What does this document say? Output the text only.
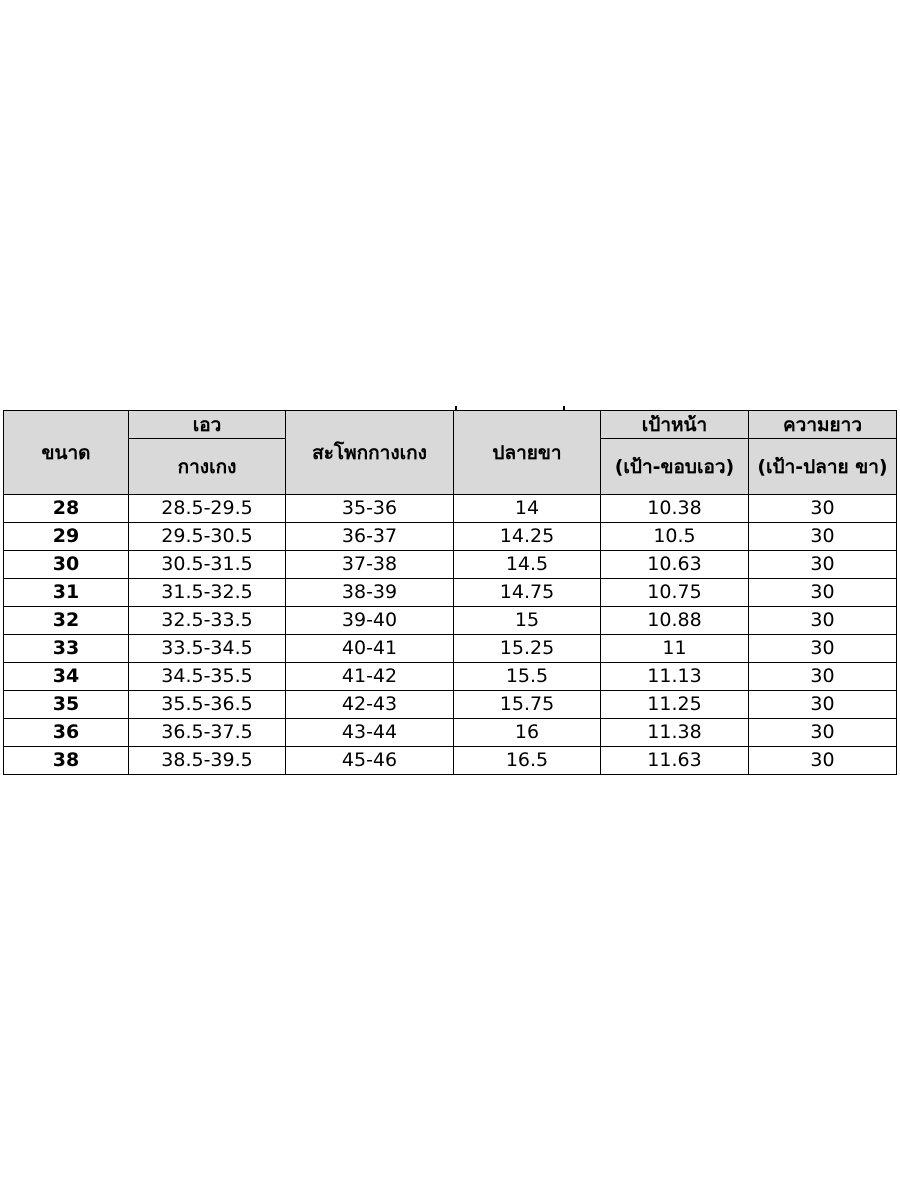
ขนาด	เอว	สะโพกกางเกง	ปลายขา	เป้าหน้า	ความยาว
	กางเกง			(เป้า-ขอบเอว)	(เป้า-ปลาย ขา)
28	28.5-29.5	35-36	14	10.38	30
29	29.5-30.5	36-37	14.25	10.5	30
30	30.5-31.5	37-38	14.5	10.63	30
31	31.5-32.5	38-39	14.75	10.75	30
32	32.5-33.5	39-40	15	10.88	30
33	33.5-34.5	40-41	15.25	11	30
34	34.5-35.5	41-42	15.5	11.13	30
35	35.5-36.5	42-43	15.75	11.25	30
36	36.5-37.5	43-44	16	11.38	30
38	38.5-39.5	45-46	16.5	11.63	30
